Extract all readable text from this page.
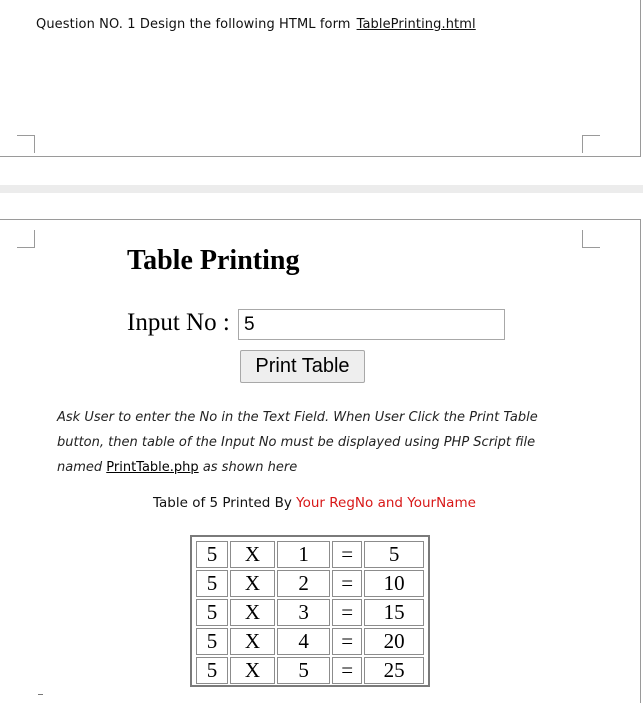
Question NO. 1 Design the following HTML form TablePrinting.html
Table Printing
Input No : 5
Print Table
Ask User to enter the No in the Text Field. When User Click the Print Table
button, then table of the Input No must be displayed using PHP Script file
named PrintTable.php as shown here
Table of 5 Printed By Your RegNo and YourName
5	X	1	=	5
5	X	2	=	10
5	X	3	=	15
5	X	4	=	20
5	X	5	=	25
